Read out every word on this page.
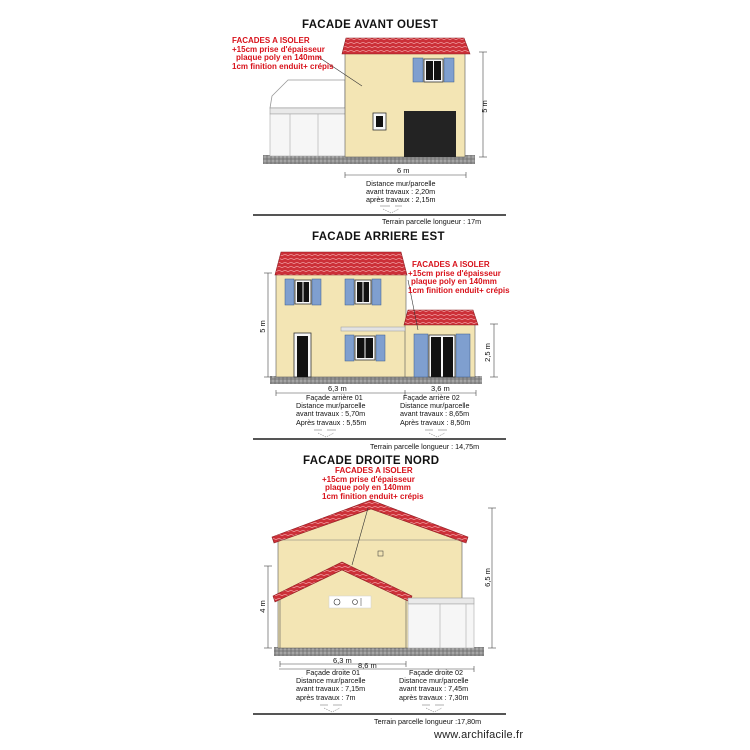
FACADE AVANT OUEST
FACADES A ISOLER
+15cm prise d'épaisseur
plaque poly en 140mm
1cm finition enduit+ crépis
5 m
6 m
Distance mur/parcelle
avant travaux : 2,20m
après travaux : 2,15m
Terrain parcelle longueur : 17m
FACADE ARRIERE EST
FACADES A ISOLER
+15cm prise d'épaisseur
plaque poly en 140mm
1cm finition enduit+ crépis
5 m
2,5 m
6,3 m	3,6 m
Façade arrière 01
Distance mur/parcelle
avant travaux : 5,70m
Après travaux : 5,55m
Façade arrière 02
Distance mur/parcelle
avant travaux : 8,65m
Après travaux : 8,50m
Terrain parcelle longueur : 14,75m
FACADE DROITE NORD
FACADES A ISOLER
+15cm prise d'épaisseur
plaque poly en 140mm
1cm finition enduit+ crépis
6,5 m
4 m
6,3 m
8,6 m
Façade droite 01
Distance mur/parcelle
avant travaux : 7,15m
après travaux : 7m
Façade droite 02
Distance mur/parcelle
avant travaux : 7,45m
après travaux : 7,30m
Terrain parcelle longueur :17,80m
www.archifacile.fr
